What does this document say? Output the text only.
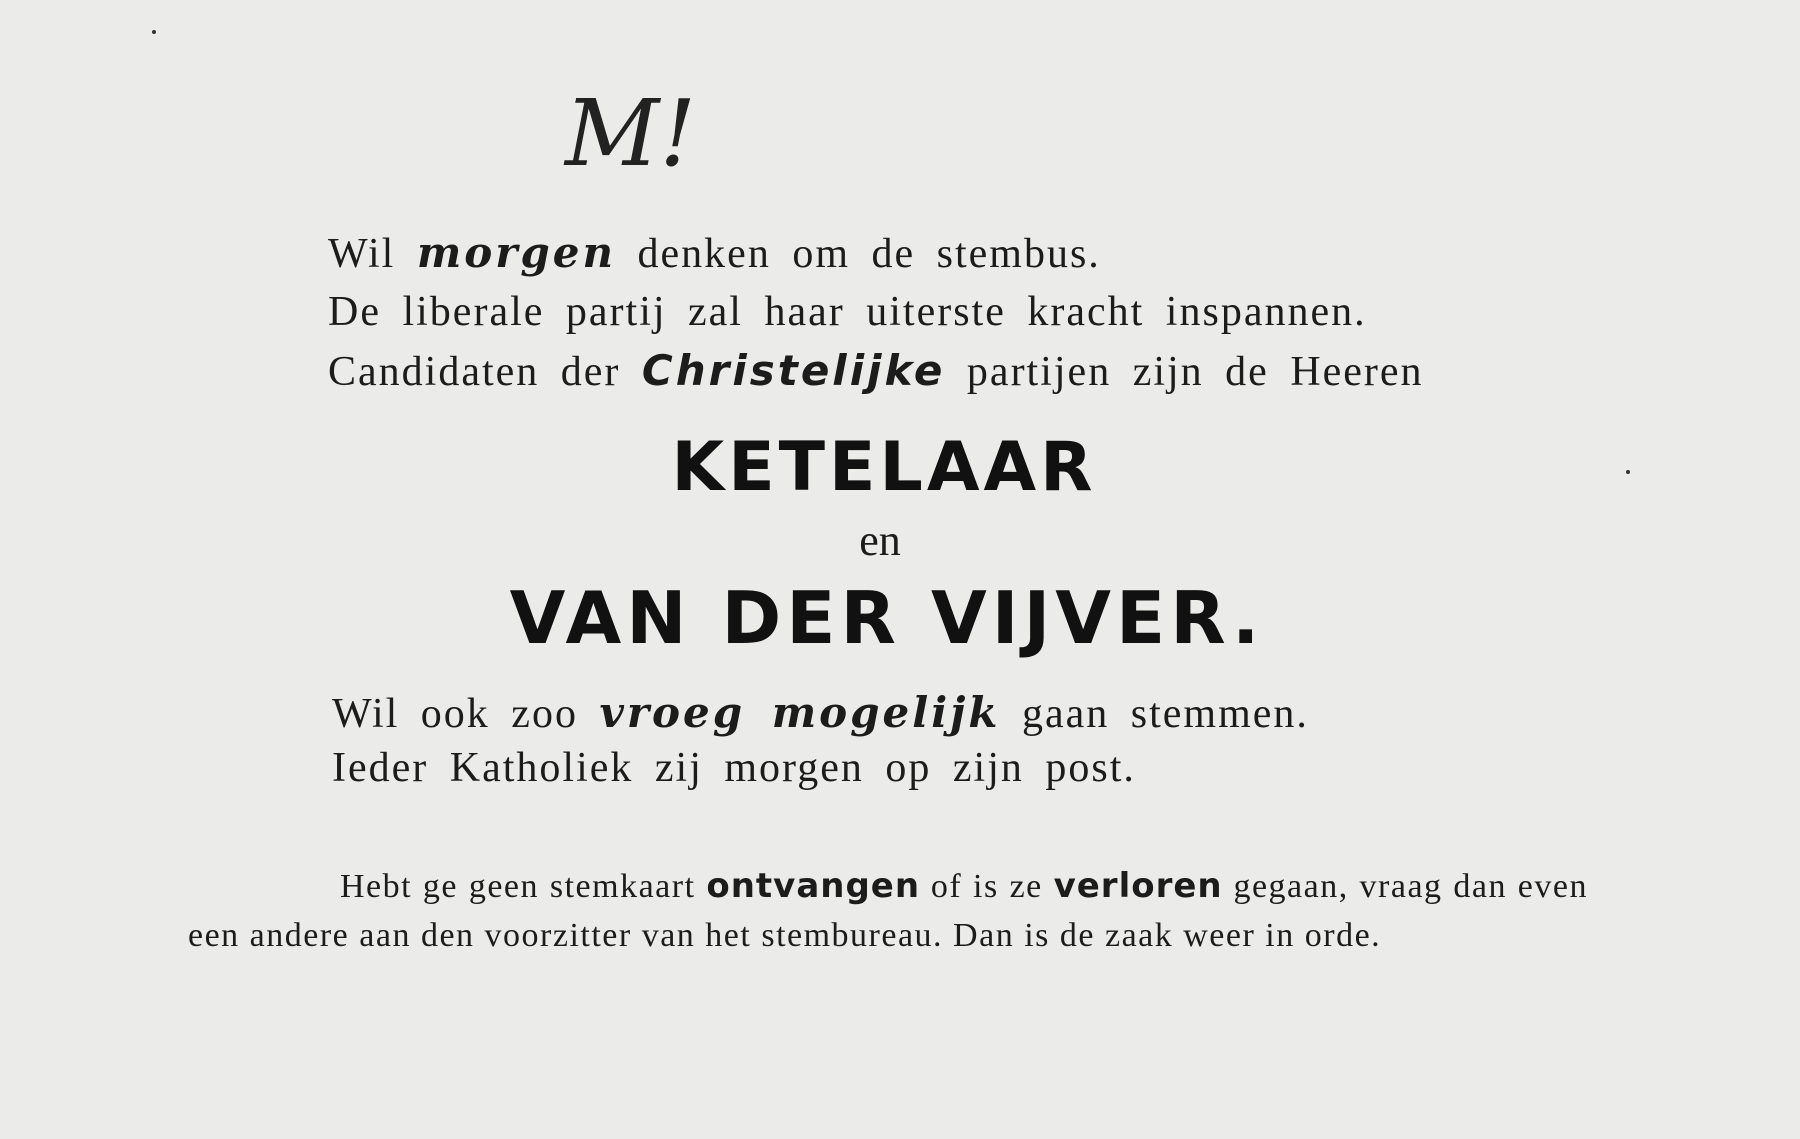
M!
Wil morgen denken om de stembus.
De liberale partij zal haar uiterste kracht inspannen.
Candidaten der Christelijke partijen zijn de Heeren
KETELAAR
en
VAN DER VIJVER.
Wil ook zoo vroeg mogelijk gaan stemmen.
Ieder Katholiek zij morgen op zijn post.
Hebt ge geen stemkaart ontvangen of is ze verloren gegaan, vraag dan even een andere aan den voorzitter van het stembureau. Dan is de zaak weer in orde.
